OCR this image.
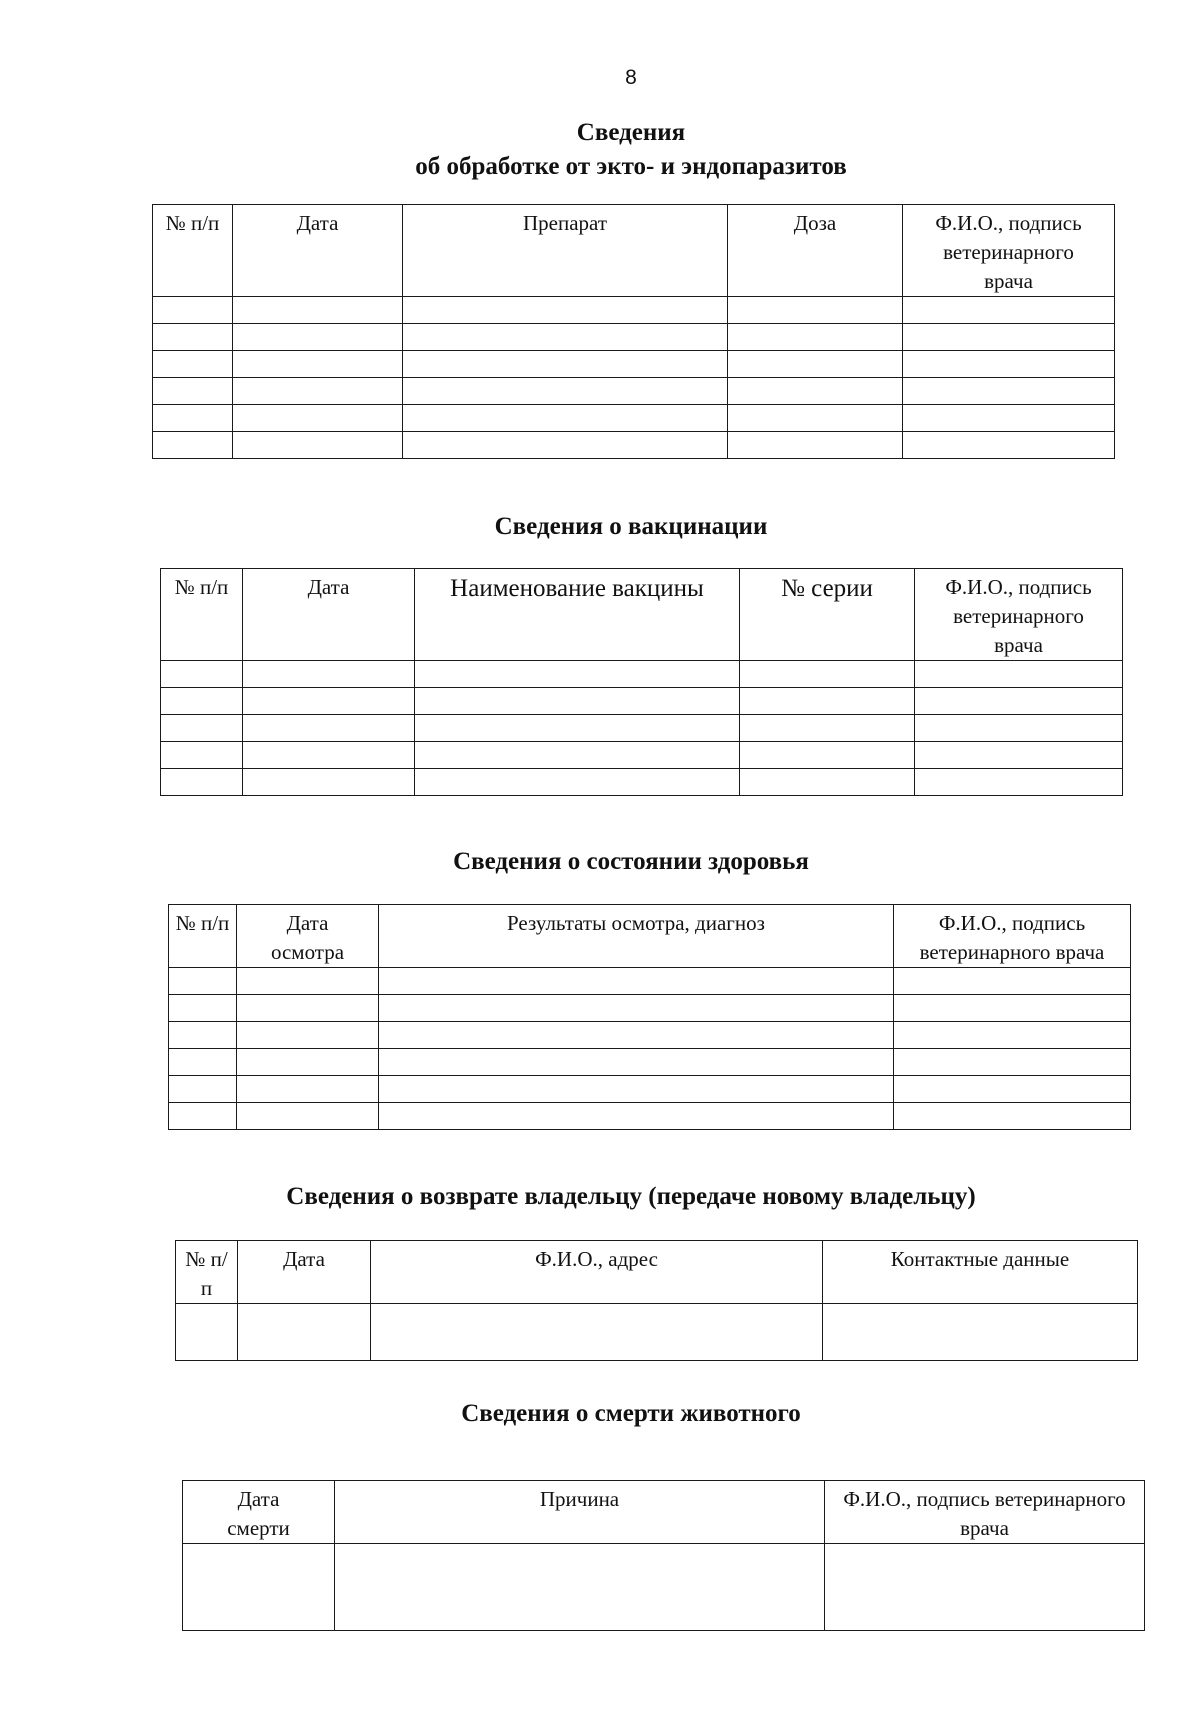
8
Сведения
об обработке от экто- и эндопаразитов
№ п/п	Дата	Препарат	Доза	Ф.И.О., подпись ветеринарного врача

Сведения о вакцинации
№ п/п	Дата	Наименование вакцины	№ серии	Ф.И.О., подпись ветеринарного врача

Сведения о состоянии здоровья
№ п/п	Дата осмотра	Результаты осмотра, диагноз	Ф.И.О., подпись ветеринарного врача

Сведения о возврате владельцу (передаче новому владельцу)
№ п/п	Дата	Ф.И.О., адрес	Контактные данные

Сведения о смерти животного
Дата смерти	Причина	Ф.И.О., подпись ветеринарного врача
